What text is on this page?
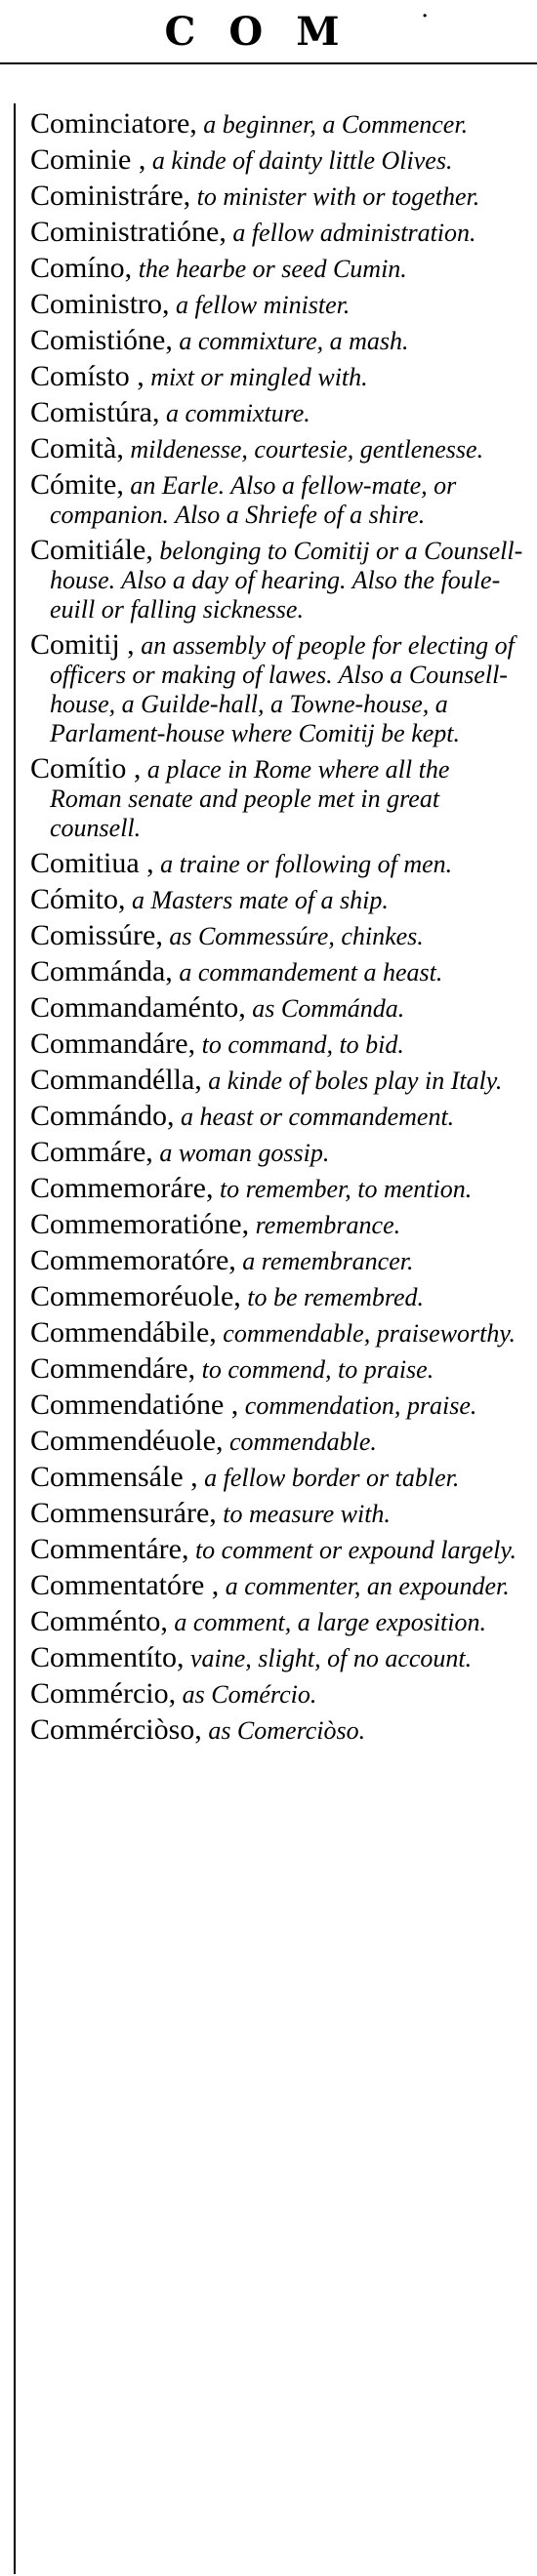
COM	·
Cominciatore, a beginner, a Commencer.
Cominie , a kinde of dainty little Olives.
Coministráre, to minister with or together.
Coministratióne, a fellow administration.
Comíno, the hearbe or seed Cumin.
Coministro, a fellow minister.
Comistióne, a commixture, a mash.
Comísto , mixt or mingled with.
Comistúra, a commixture.
Comità, mildenesse, courtesie, gentlenesse.
Cómite, an Earle. Also a fellow-mate, or companion. Also a Shriefe of a shire.
Comitiále, belonging to Comitij or a Counsell-house. Also a day of hearing. Also the foule-euill or falling sicknesse.
Comitij , an assembly of people for electing of officers or making of lawes. Also a Counsell-house, a Guilde-hall, a Towne-house, a Parlament-house where Comitij be kept.
Comítio , a place in Rome where all the Roman senate and people met in great counsell.
Comitiua , a traine or following of men.
Cómito, a Masters mate of a ship.
Comissúre, as Commessúre, chinkes.
Commánda, a commandement a heast.
Commandaménto, as Commánda.
Commandáre, to command, to bid.
Commandélla, a kinde of boles play in Italy.
Commándo, a heast or commandement.
Commáre, a woman gossip.
Commemoráre, to remember, to mention.
Commemoratióne, remembrance.
Commemoratóre, a remembrancer.
Commemoréuole, to be remembred.
Commendábile, commendable, praiseworthy.
Commendáre, to commend, to praise.
Commendatióne , commendation, praise.
Commendéuole, commendable.
Commensále , a fellow border or tabler.
Commensuráre, to measure with.
Commentáre, to comment or expound largely.
Commentatóre , a commenter, an expounder.
Comménto, a comment, a large exposition.
Commentíto, vaine, slight, of no account.
Commércio, as Comércio.
Commérciòso, as Comerciòso.
